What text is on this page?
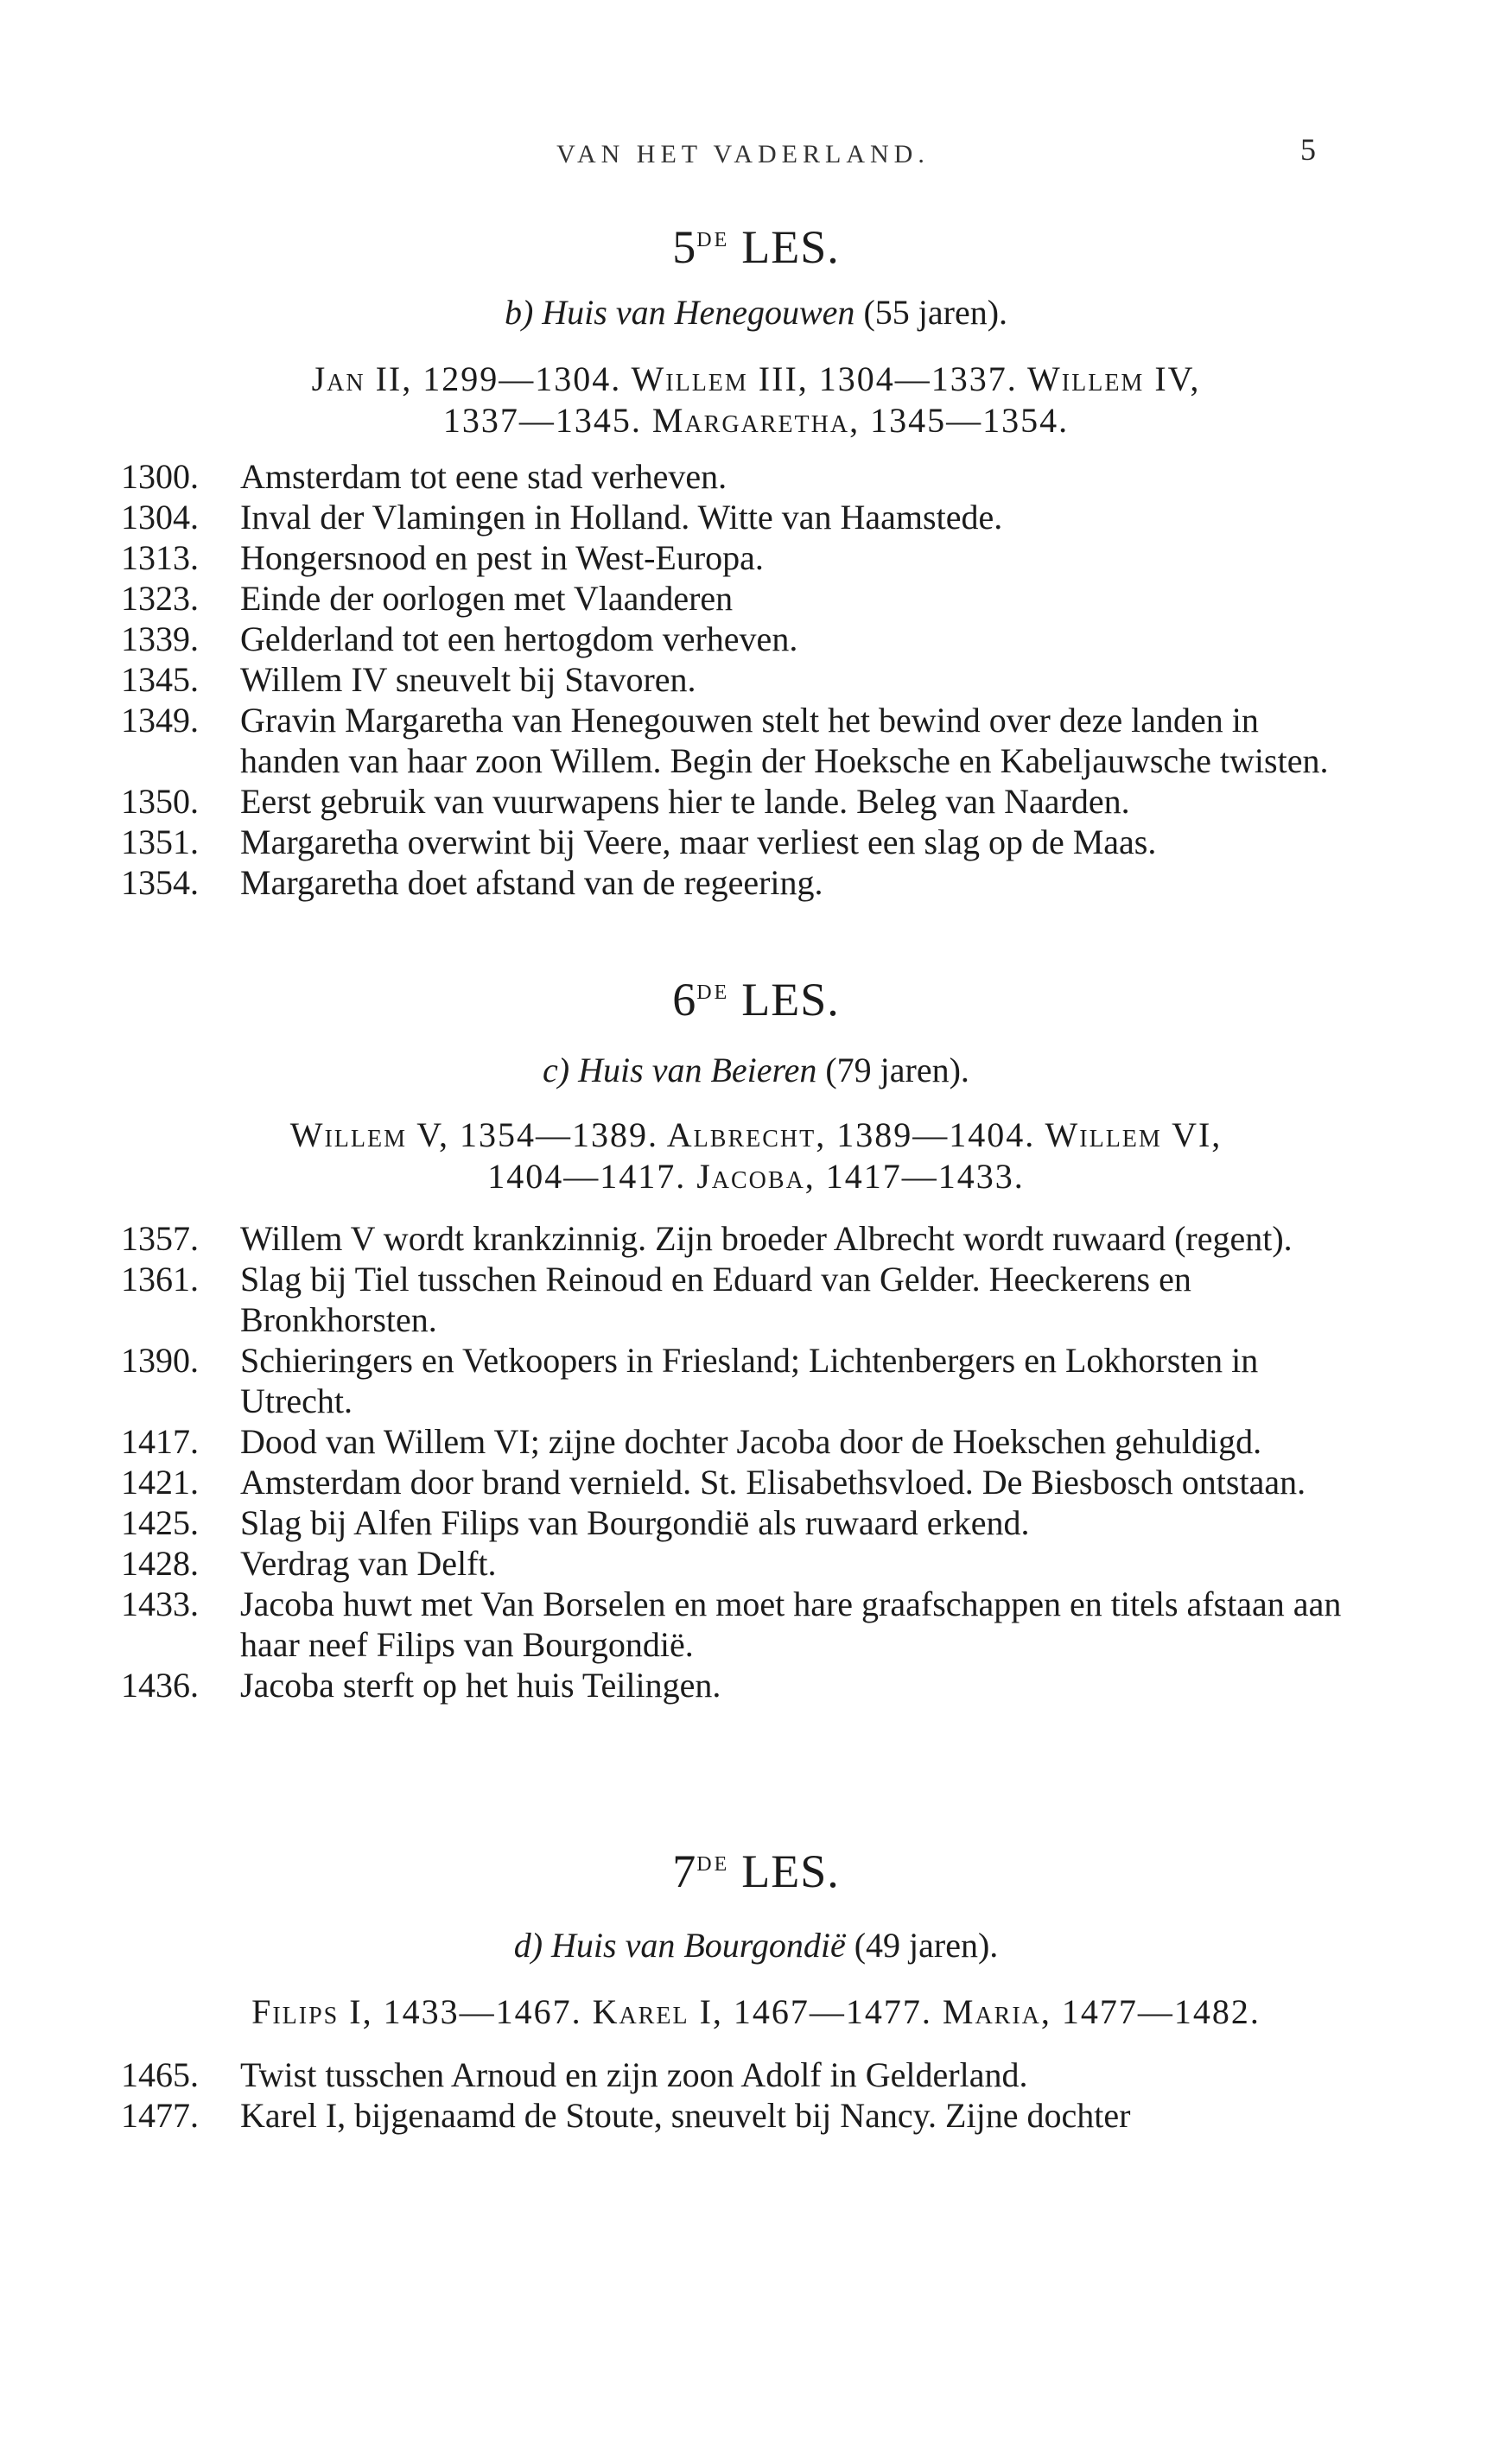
VAN HET VADERLAND.	5
5DE LES.
b) Huis van Henegouwen (55 jaren).
Jan II, 1299—1304. Willem III, 1304—1337. Willem IV,
1337—1345. Margaretha, 1345—1354.
1300.	Amsterdam tot eene stad verheven.
1304.	Inval der Vlamingen in Holland. Witte van Haamstede.
1313.	Hongersnood en pest in West-Europa.
1323.	Einde der oorlogen met Vlaanderen
1339.	Gelderland tot een hertogdom verheven.
1345.	Willem IV sneuvelt bij Stavoren.
1349.	Gravin Margaretha van Henegouwen stelt het bewind over deze landen in handen van haar zoon Willem. Begin der Hoeksche en Kabeljauwsche twisten.
1350.	Eerst gebruik van vuurwapens hier te lande. Beleg van Naarden.
1351.	Margaretha overwint bij Veere, maar verliest een slag op de Maas.
1354.	Margaretha doet afstand van de regeering.
6DE LES.
c) Huis van Beieren (79 jaren).
Willem V, 1354—1389. Albrecht, 1389—1404. Willem VI,
1404—1417. Jacoba, 1417—1433.
1357.	Willem V wordt krankzinnig. Zijn broeder Albrecht wordt ruwaard (regent).
1361.	Slag bij Tiel tusschen Reinoud en Eduard van Gelder. Heeckerens en Bronkhorsten.
1390.	Schieringers en Vetkoopers in Friesland; Lichtenbergers en Lokhorsten in Utrecht.
1417.	Dood van Willem VI; zijne dochter Jacoba door de Hoekschen gehuldigd.
1421.	Amsterdam door brand vernield. St. Elisabethsvloed. De Biesbosch ontstaan.
1425.	Slag bij Alfen Filips van Bourgondië als ruwaard erkend.
1428.	Verdrag van Delft.
1433.	Jacoba huwt met Van Borselen en moet hare graafschappen en titels afstaan aan haar neef Filips van Bourgondië.
1436.	Jacoba sterft op het huis Teilingen.
7DE LES.
d) Huis van Bourgondië (49 jaren).
Filips I, 1433—1467. Karel I, 1467—1477. Maria, 1477—1482.
1465.	Twist tusschen Arnoud en zijn zoon Adolf in Gelderland.
1477.	Karel I, bijgenaamd de Stoute, sneuvelt bij Nancy. Zijne dochter
